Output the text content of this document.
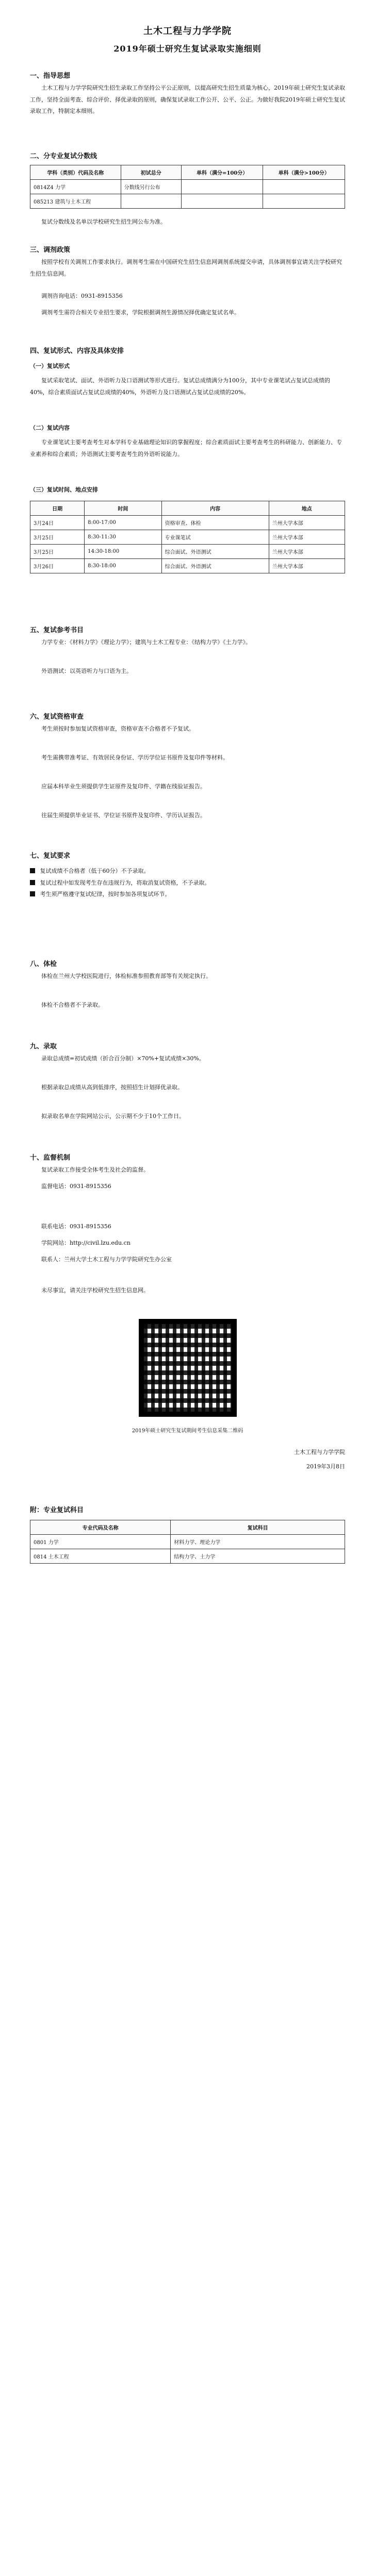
土木工程与力学学院
2019年硕士研究生复试录取实施细则
一、指导思想

土木工程与力学学院研究生招生录取工作坚持公平公正原则，以提高研究生招生质量为核心，2019年硕士研究生复试录取工作，坚持全面考查、综合评价、择优录取的原则，确保复试录取工作公开、公平、公正。为做好我院2019年硕士研究生复试录取工作，特制定本细则。

二、分专业复试分数线
学科（类别）代码及名称	初试总分	单科（满分=100分）	单科（满分>100分）
0814Z4 力学	分数线另行公布		
085213 建筑与土木工程			

复试分数线及名单以学校研究生招生网公布为准。

三、调剂政策

按照学校有关调剂工作要求执行。调剂考生需在中国研究生招生信息网调剂系统提交申请，具体调剂事宜请关注学校研究生招生信息网。

调剂咨询电话：0931-8915356

调剂考生需符合相关专业招生要求，学院根据调剂生源情况择优确定复试名单。

四、复试形式、内容及具体安排
（一）复试形式

复试采取笔试、面试、外语听力及口语测试等形式进行。复试总成绩满分为100分，其中专业课笔试占复试总成绩的40%，综合素质面试占复试总成绩的40%，外语听力及口语测试占复试总成绩的20%。

（二）复试内容

专业课笔试主要考查考生对本学科专业基础理论知识的掌握程度；综合素质面试主要考查考生的科研能力、创新能力、专业素养和综合素质；外语测试主要考查考生的外语听说能力。

（三）复试时间、地点安排
日期	时间	内容	地点
3月24日	8:00-17:00	资格审查、体检	兰州大学本部
3月25日	8:30-11:30	专业课笔试	兰州大学本部
3月25日	14:30-18:00	综合面试、外语测试	兰州大学本部
3月26日	8:30-18:00	综合面试、外语测试	兰州大学本部
五、复试参考书目

力学专业：《材料力学》《理论力学》；建筑与土木工程专业：《结构力学》《土力学》。

外语测试：以英语听力与口语为主。

六、复试资格审查

考生须按时参加复试资格审查，资格审查不合格者不予复试。

考生需携带准考证、有效居民身份证、学历学位证书原件及复印件等材料。

应届本科毕业生须提供学生证原件及复印件、学籍在线验证报告。

往届生须提供毕业证书、学位证书原件及复印件、学历认证报告。

复试成绩不合格者（低于60分）不予录取。
复试过程中如发现考生存在违规行为，将取消复试资格，不予录取。
考生须严格遵守复试纪律，按时参加各项复试环节。
七、复试要求
八、体检

体检在兰州大学校医院进行，体检标准参照教育部等有关规定执行。

体检不合格者不予录取。

九、录取

录取总成绩=初试成绩（折合百分制）×70%+复试成绩×30%。

根据录取总成绩从高到低排序，按照招生计划择优录取。

拟录取名单在学院网站公示，公示期不少于10个工作日。

十、监督机制

复试录取工作接受全体考生及社会的监督。

监督电话：0931-8915356

联系电话：0931-8915356

学院网站：http://civil.lzu.edu.cn

联系人：兰州大学土木工程与力学学院研究生办公室

未尽事宜，请关注学校研究生招生信息网。

2019年硕士研究生复试期间考生信息采集二维码
土木工程与力学学院
2019年3月8日
附：专业复试科目
专业代码及名称	复试科目
0801 力学	材料力学、理论力学
0814 土木工程	结构力学、土力学
